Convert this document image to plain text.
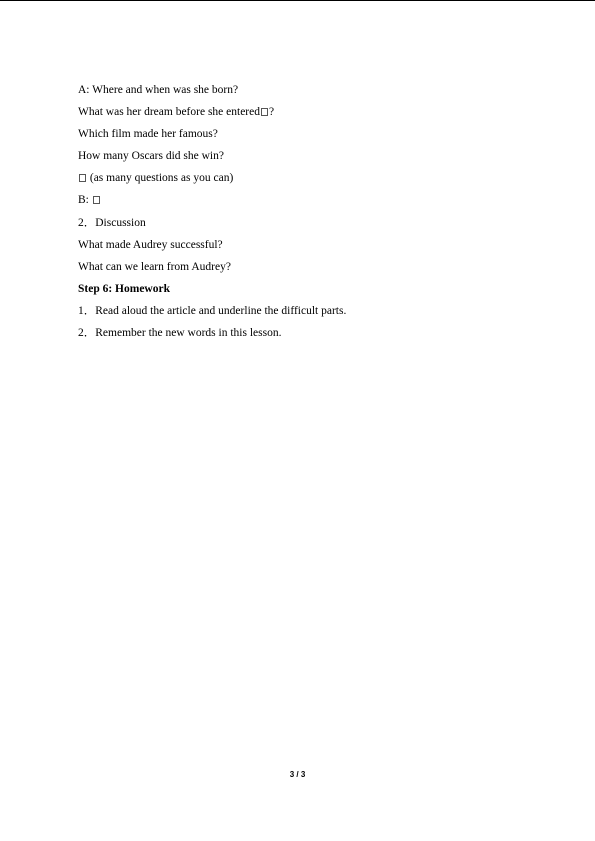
A: Where and when was she born?
What was her dream before she entered ?
Which film made her famous?
How many Oscars did she win?
(as many questions as you can)
B:
2．Discussion
What made Audrey successful?
What can we learn from Audrey?
Step 6: Homework
1．Read aloud the article and underline the difficult parts.
2．Remember the new words in this lesson.
3 / 3
